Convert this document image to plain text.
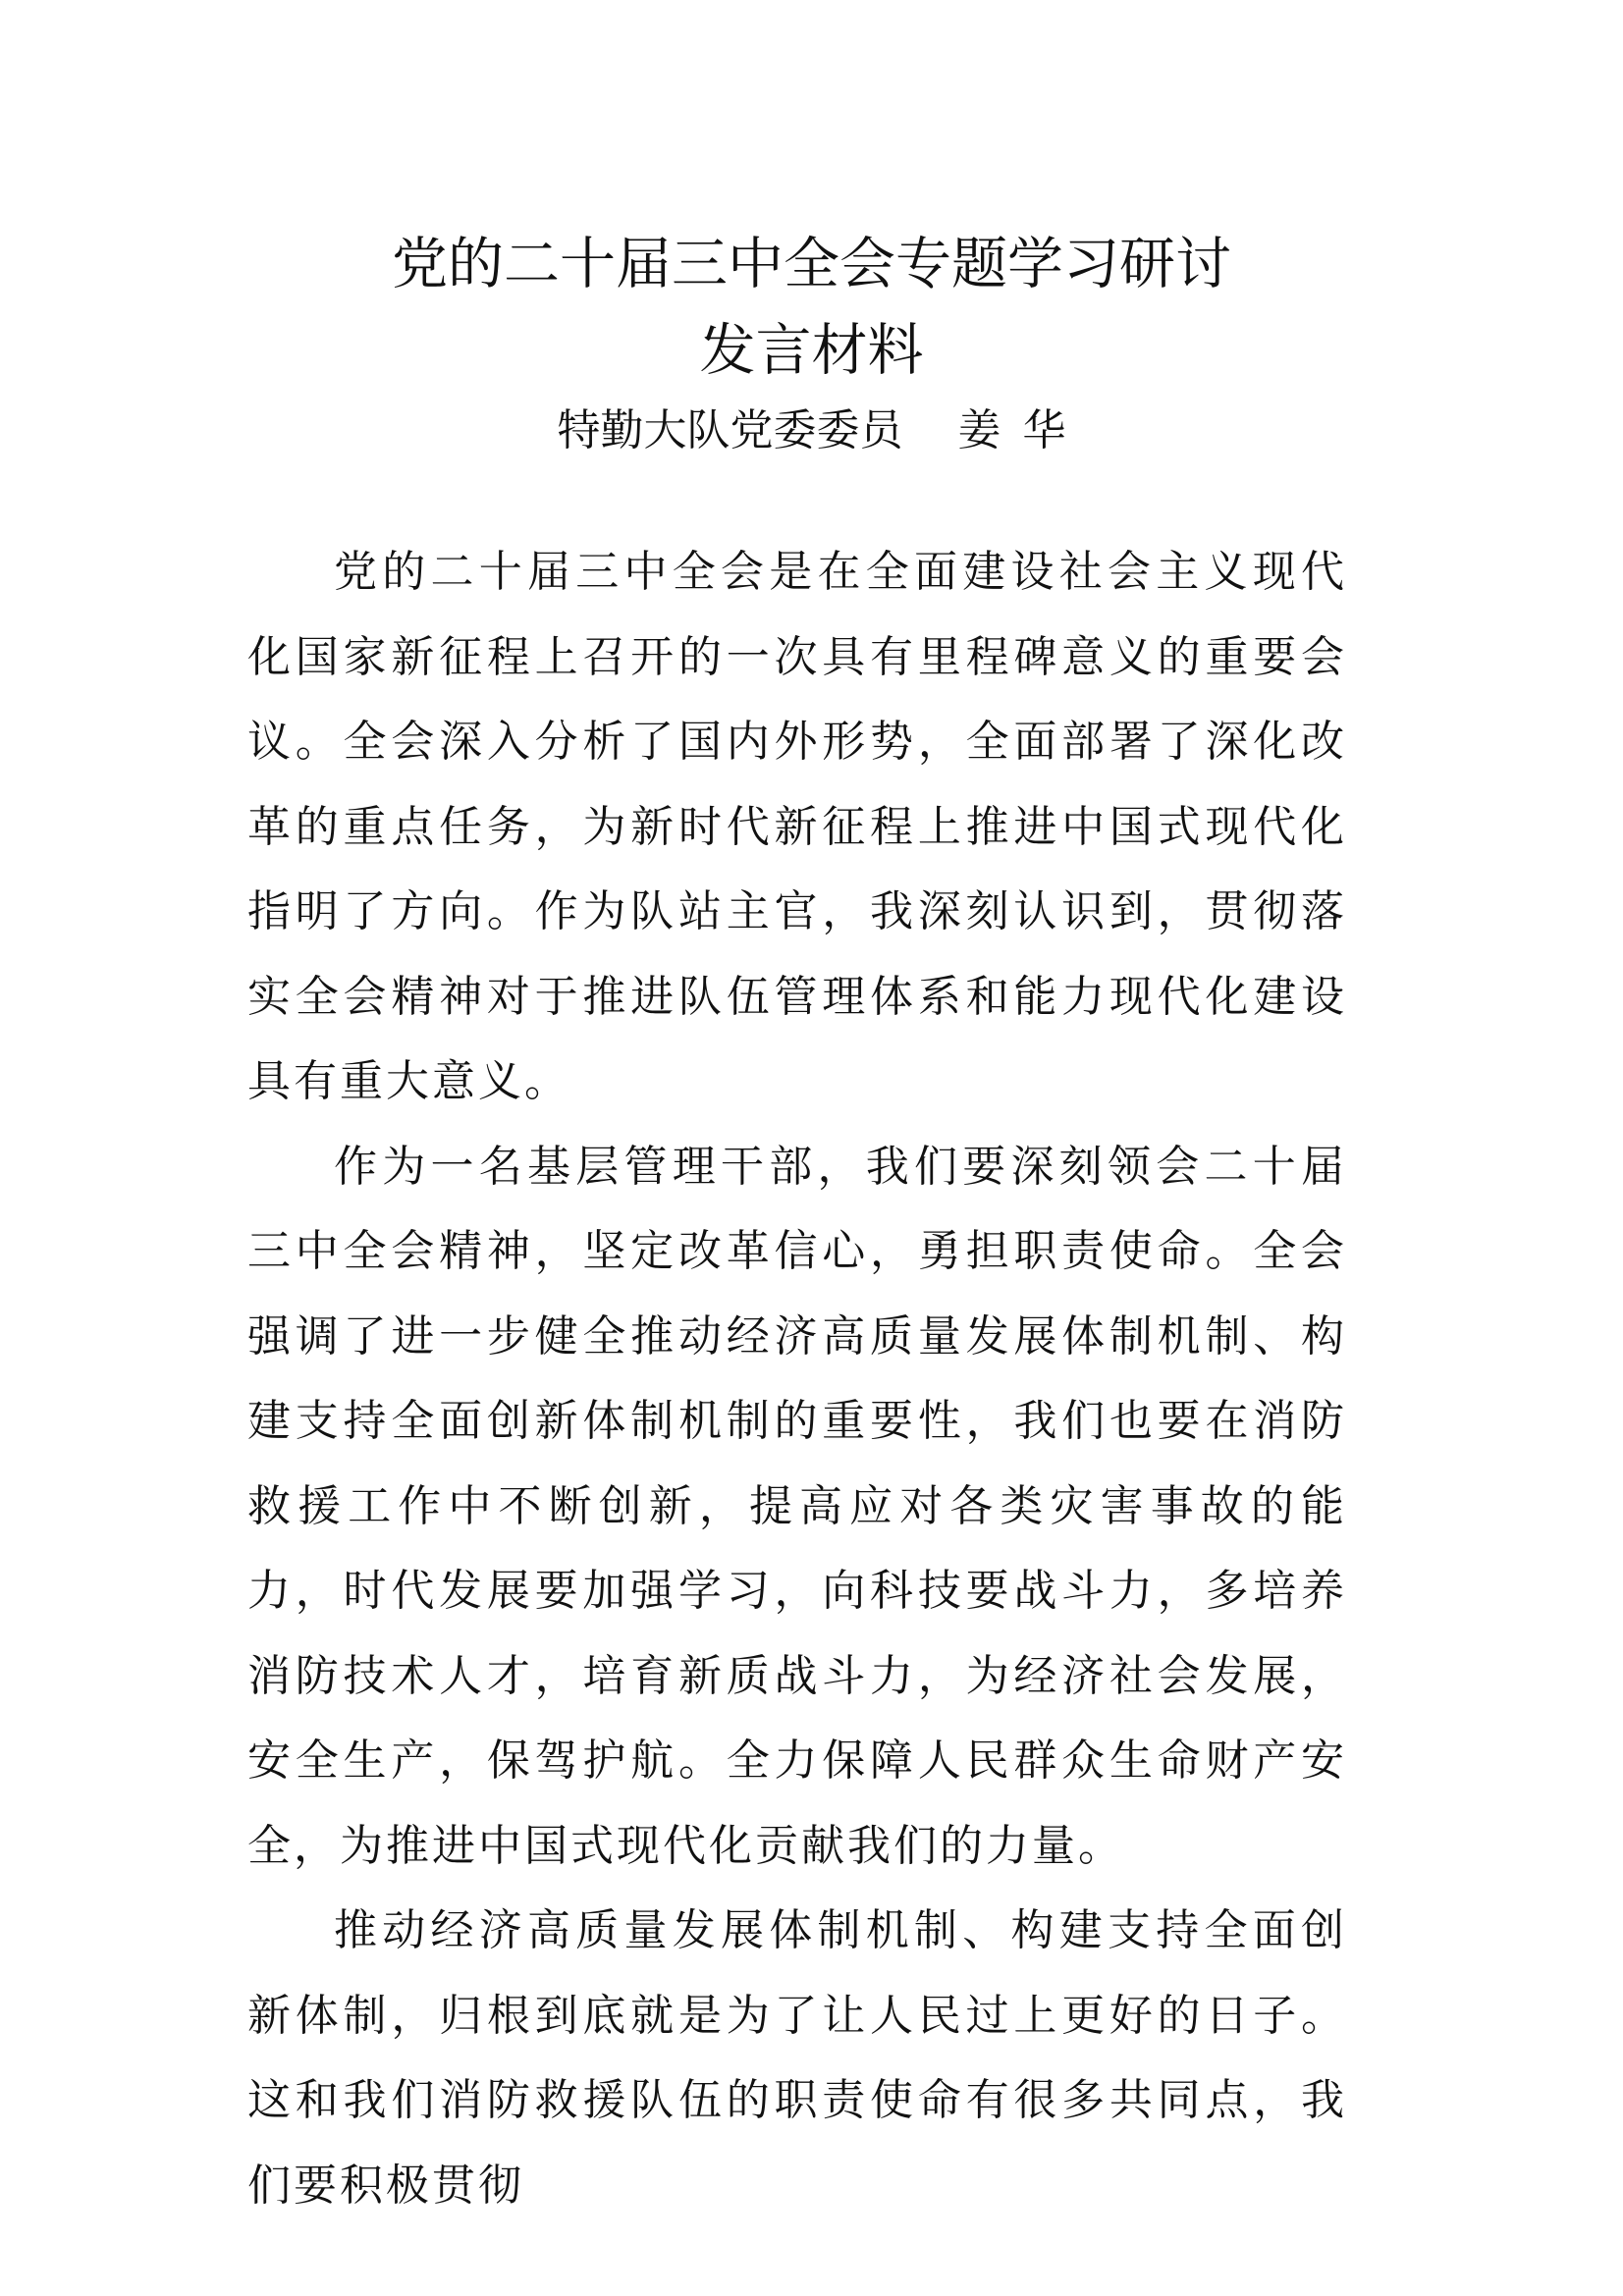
党的二十届三中全会专题学习研讨
发言材料
特勤大队党委委员 姜 华

党的二十届三中全会是在全面建设社会主义现代化国家新征程上召开的一次具有里程碑意义的重要会议。全会深入分析了国内外形势，全面部署了深化改革的重点任务，为新时代新征程上推进中国式现代化指明了方向。作为队站主官，我深刻认识到，贯彻落实全会精神对于推进队伍管理体系和能力现代化建设具有重大意义。

作为一名基层管理干部，我们要深刻领会二十届三中全会精神，坚定改革信心，勇担职责使命。全会强调了进一步健全推动经济高质量发展体制机制、构建支持全面创新体制机制的重要性，我们也要在消防救援工作中不断创新，提高应对各类灾害事故的能力，时代发展要加强学习，向科技要战斗力，多培养消防技术人才，培育新质战斗力，为经济社会发展，安全生产，保驾护航。全力保障人民群众生命财产安全，为推进中国式现代化贡献我们的力量。

推动经济高质量发展体制机制、构建支持全面创新体制，归根到底就是为了让人民过上更好的日子。这和我们消防救援队伍的职责使命有很多共同点，我们要积极贯彻
